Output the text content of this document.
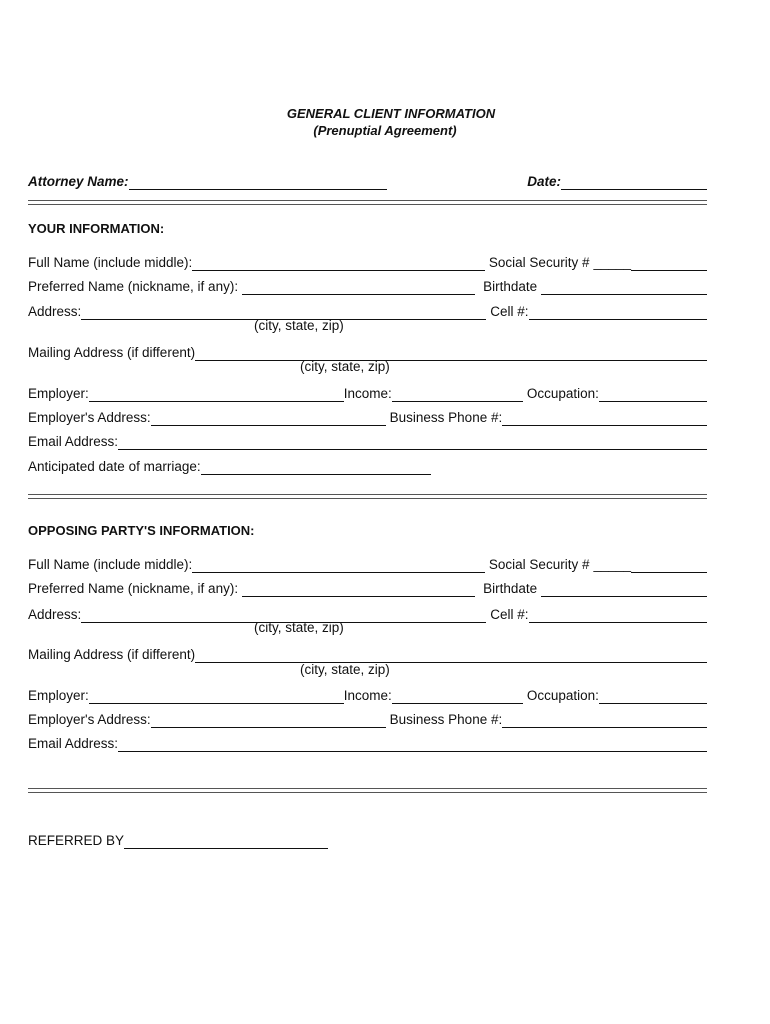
GENERAL CLIENT INFORMATION
(Prenuptial Agreement)
Attorney Name:	Date:
YOUR INFORMATION:
Full Name (include middle):	Social Security # _____
Preferred Name (nickname, if any):	Birthdate
Address:	Cell #:
(city, state, zip)
Mailing Address (if different)
(city, state, zip)
Employer:	Income:	Occupation:
Employer's Address:	Business Phone #:
Email Address:
Anticipated date of marriage:
OPPOSING PARTY'S INFORMATION:
Full Name (include middle):	Social Security # _____
Preferred Name (nickname, if any):	Birthdate
Address:	Cell #:
(city, state, zip)
Mailing Address (if different)
(city, state, zip)
Employer:	Income:	Occupation:
Employer's Address:	Business Phone #:
Email Address:
REFERRED BY
